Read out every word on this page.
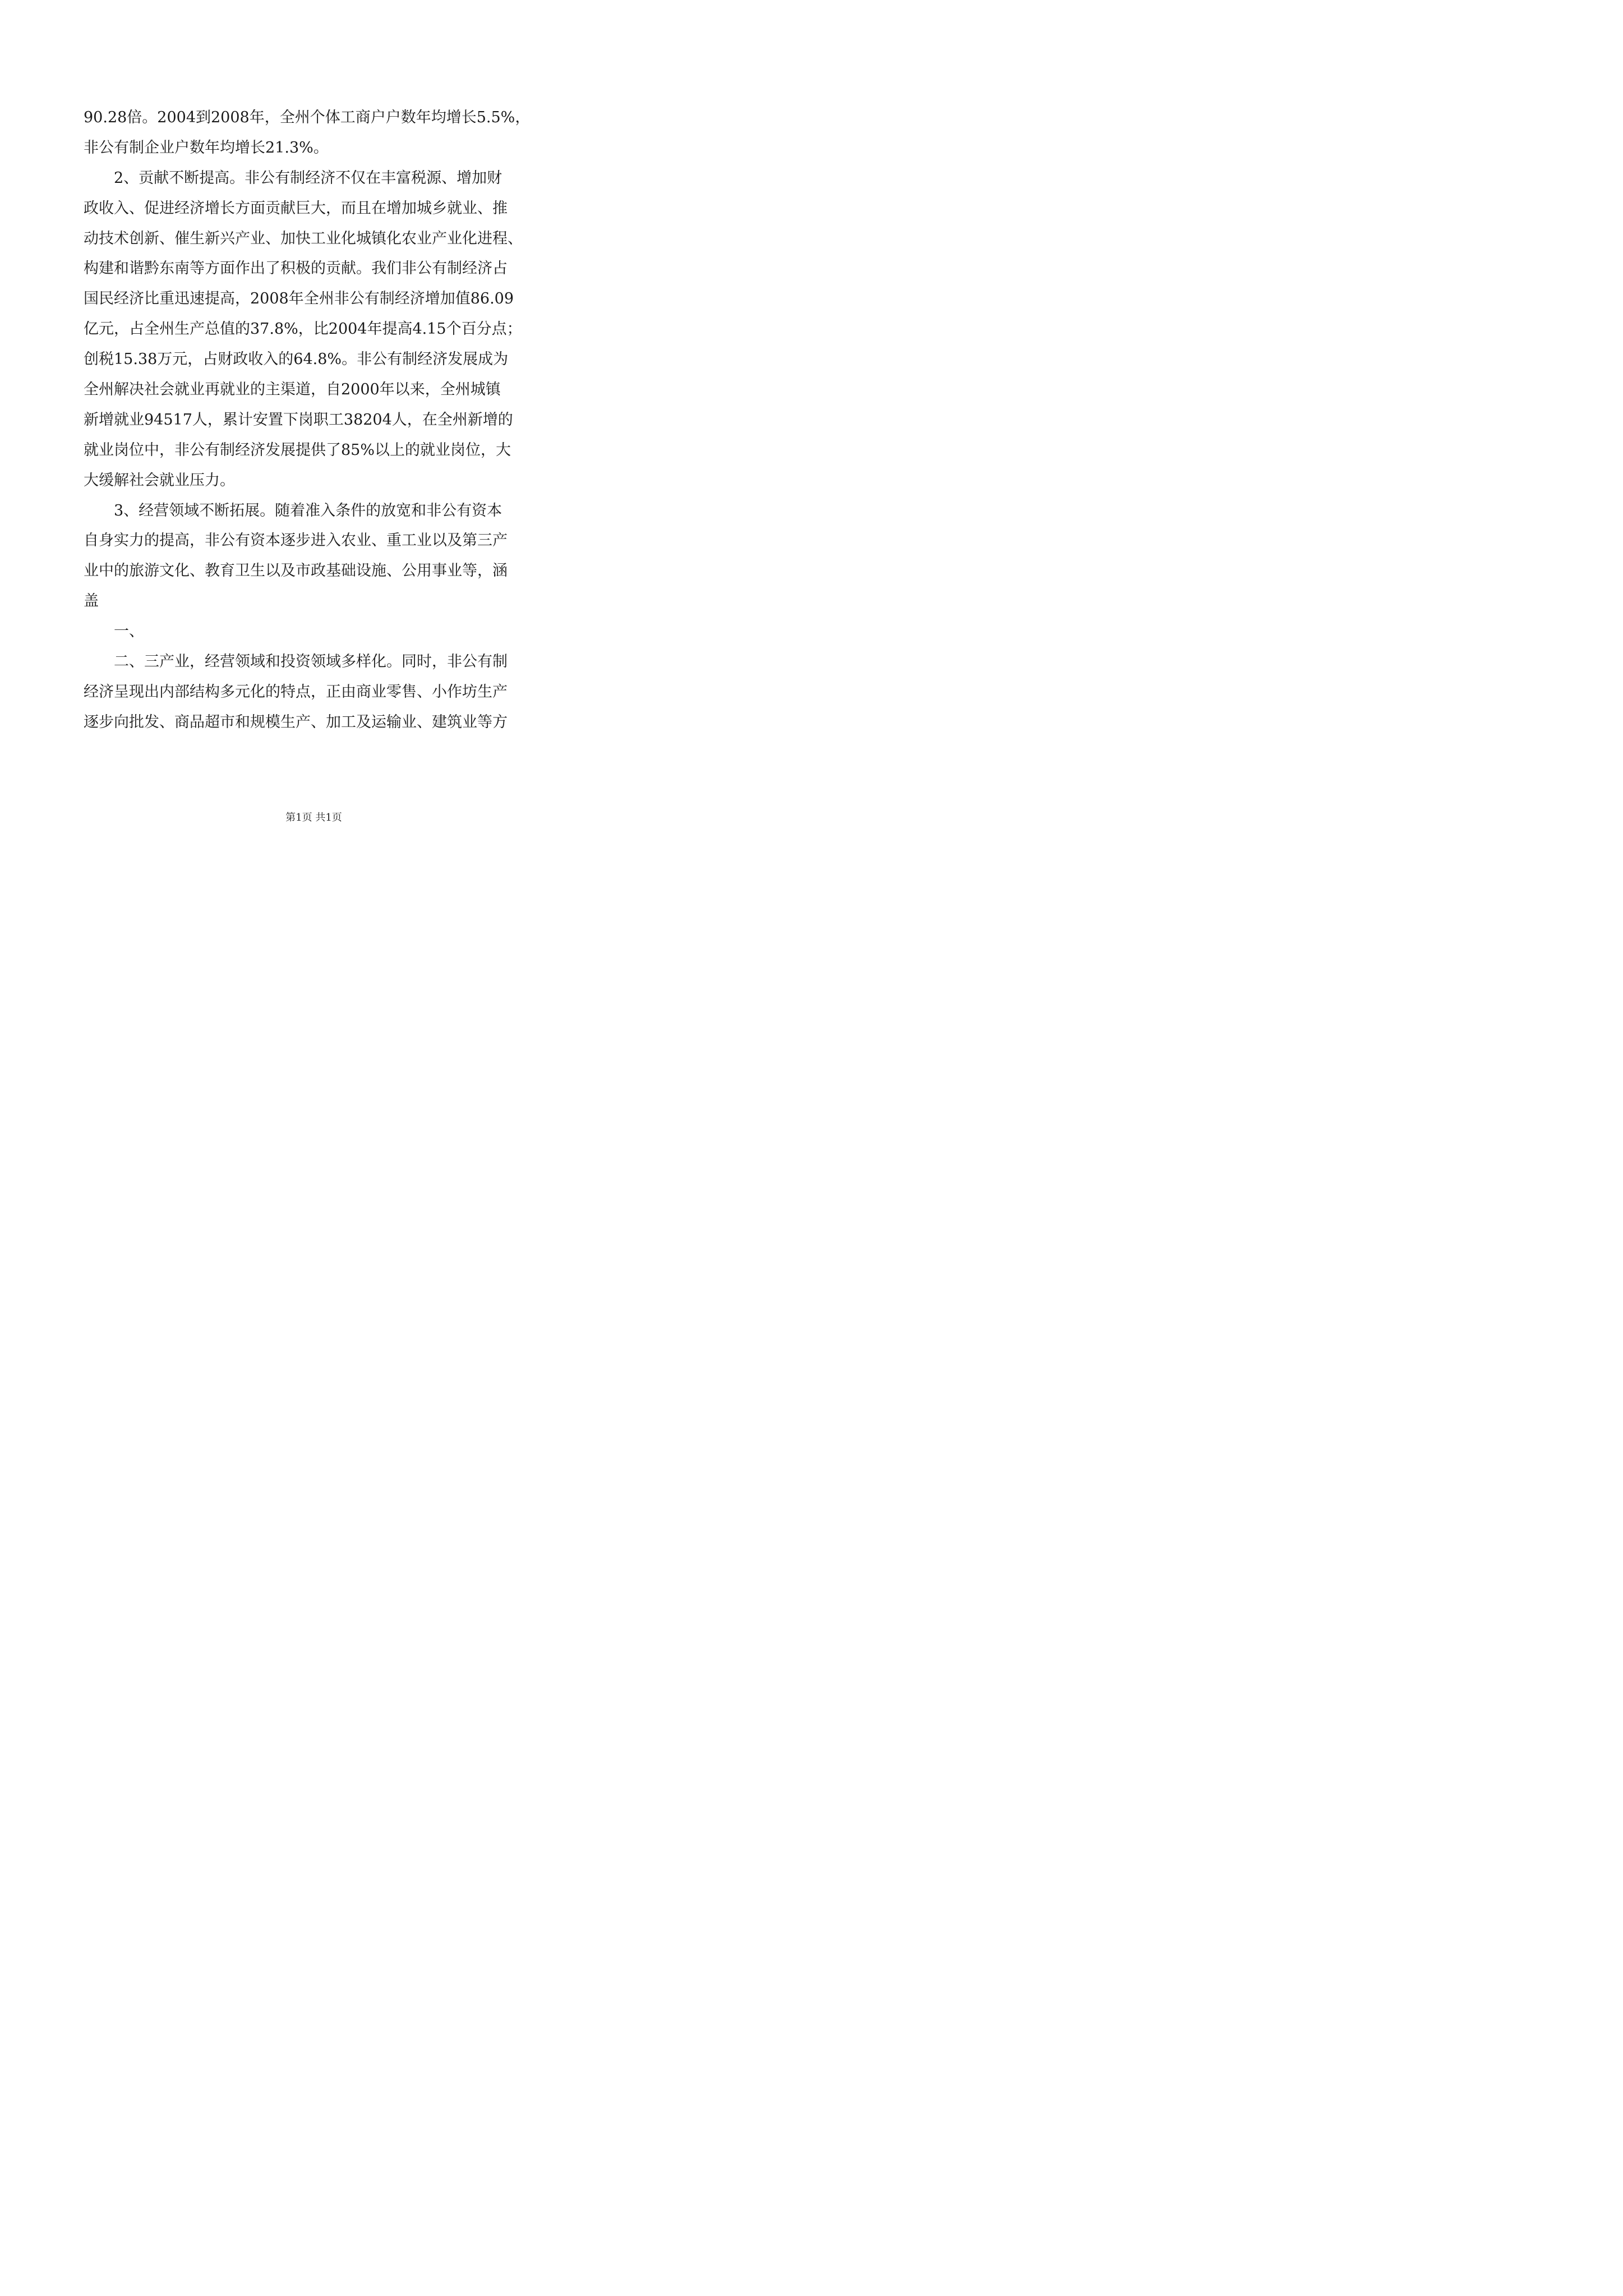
90.28倍。2004到2008年，全州个体工商户户数年均增长5.5%，
非公有制企业户数年均增长21.3%。
2、贡献不断提高。非公有制经济不仅在丰富税源、增加财
政收入、促进经济增长方面贡献巨大，而且在增加城乡就业、推
动技术创新、催生新兴产业、加快工业化城镇化农业产业化进程、
构建和谐黔东南等方面作出了积极的贡献。我们非公有制经济占
国民经济比重迅速提高，2008年全州非公有制经济增加值86.09
亿元，占全州生产总值的37.8%，比2004年提高4.15个百分点；
创税15.38万元，占财政收入的64.8%。非公有制经济发展成为
全州解决社会就业再就业的主渠道，自2000年以来，全州城镇
新增就业94517人，累计安置下岗职工38204人，在全州新增的
就业岗位中，非公有制经济发展提供了85%以上的就业岗位，大
大缓解社会就业压力。
3、经营领域不断拓展。随着准入条件的放宽和非公有资本
自身实力的提高，非公有资本逐步进入农业、重工业以及第三产
业中的旅游文化、教育卫生以及市政基础设施、公用事业等，涵
盖
一、
二、三产业，经营领域和投资领域多样化。同时，非公有制
经济呈现出内部结构多元化的特点，正由商业零售、小作坊生产
逐步向批发、商品超市和规模生产、加工及运输业、建筑业等方
第1页 共1页
